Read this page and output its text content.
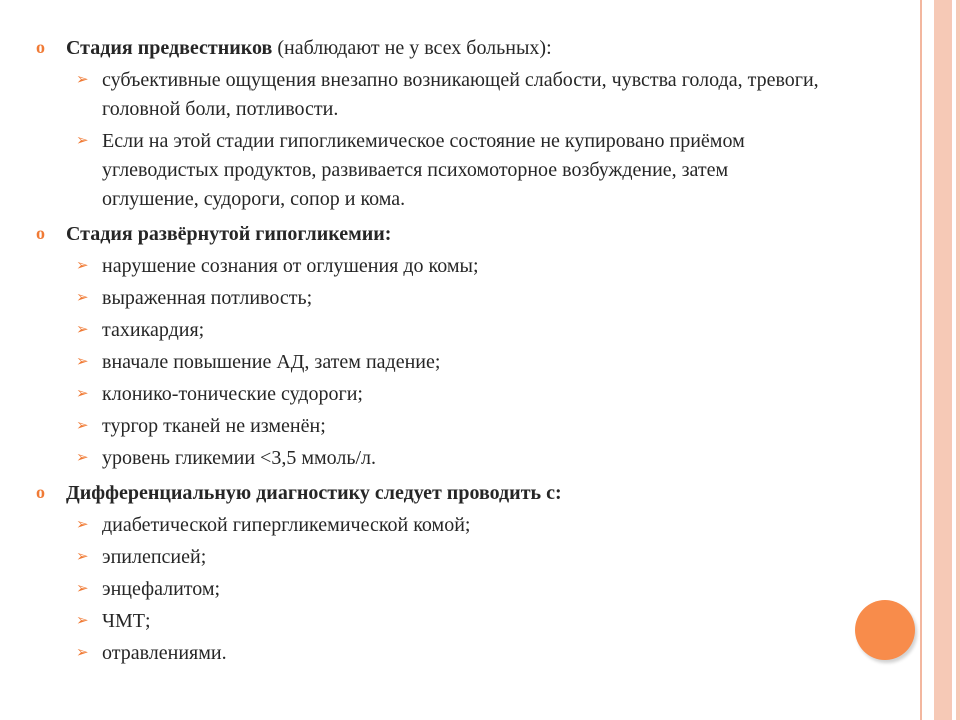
o	Стадия предвестников (наблюдают не у всех больных):
➢ субъективные ощущения внезапно возникающей слабости, чувства голода, тревоги, головной боли, потливости.
➢ Если на этой стадии гипогликемическое состояние не купировано приёмом углеводистых продуктов, развивается психомоторное возбуждение, затем оглушение, судороги, сопор и кома.
o	Стадия развёрнутой гипогликемии:
➢ нарушение сознания от оглушения до комы;
➢ выраженная потливость;
➢ тахикардия;
➢ вначале повышение АД, затем падение;
➢ клонико-тонические судороги;
➢ тургор тканей не изменён;
➢ уровень гликемии <3,5 ммоль/л.
o	Дифференциальную диагностику следует проводить с:
➢ диабетической гипергликемической комой;
➢ эпилепсией;
➢ энцефалитом;
➢ ЧМТ;
➢ отравлениями.
